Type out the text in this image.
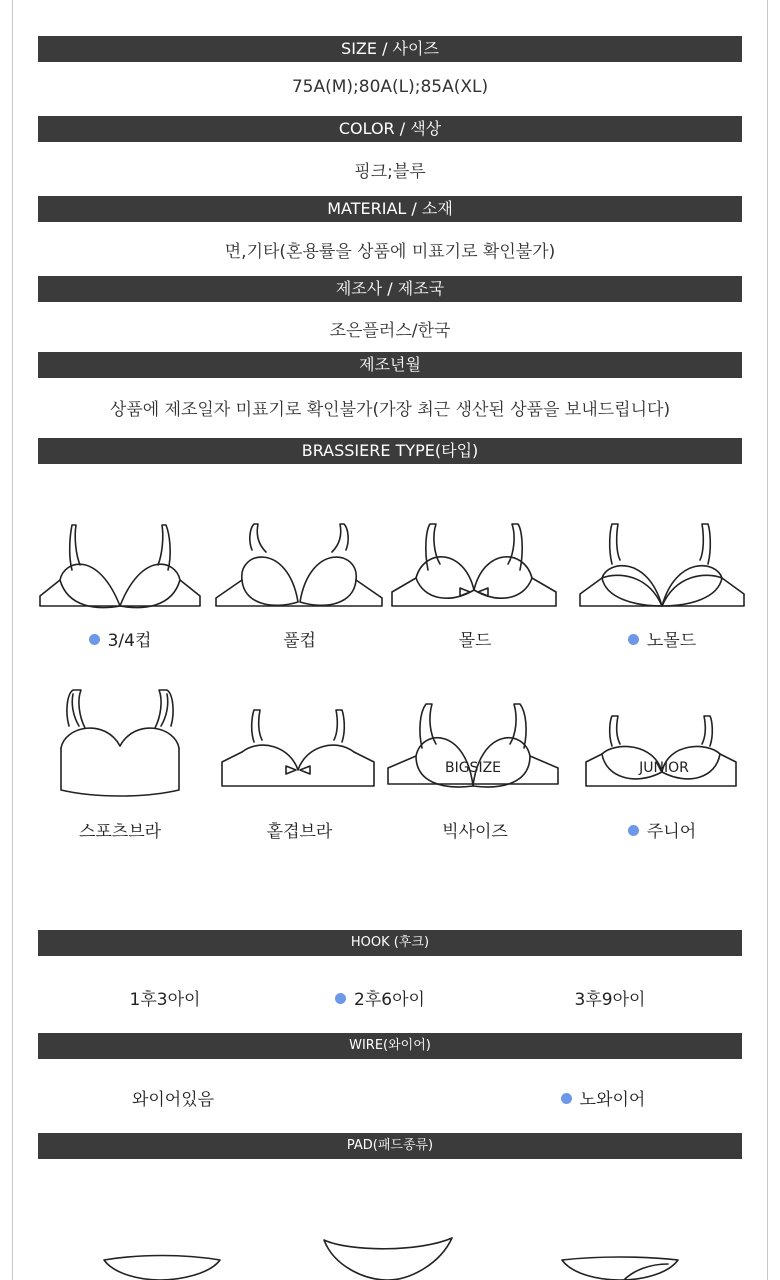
SIZE / 사이즈
75A(M);80A(L);85A(XL)
COLOR / 색상
핑크;블루
MATERIAL / 소재
면,기타(혼용률을 상품에 미표기로 확인불가)
제조사 / 제조국
조은플러스/한국
제조년월
상품에 제조일자 미표기로 확인불가(가장 최근 생산된 상품을 보내드립니다)
BRASSIERE TYPE(타입)
3/4컵	풀컵	몰드	노몰드
BIGSIZE	JUNIOR
스포츠브라	홑겹브라	빅사이즈	주니어
HOOK (후크)
1후3아이	2후6아이	3후9아이
WIRE(와이어)
와이어있음	노와이어
PAD(패드종류)
